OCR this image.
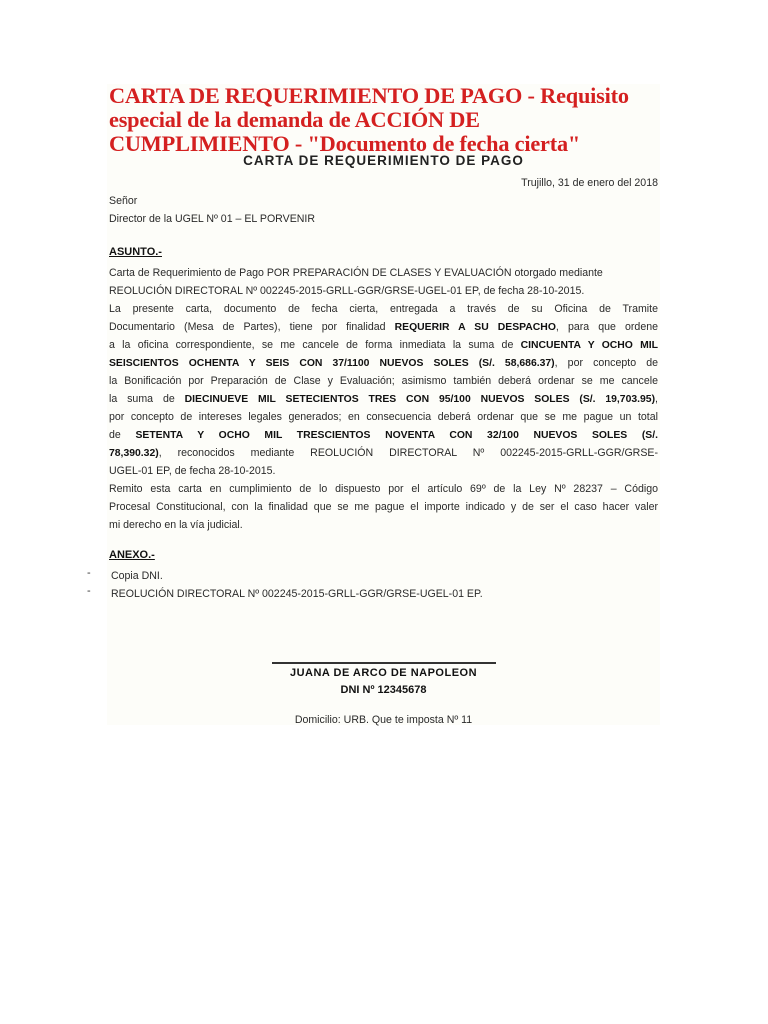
CARTA DE REQUERIMIENTO DE PAGO - Requisito especial de la demanda de ACCIÓN DE CUMPLIMIENTO - "Documento de fecha cierta"
CARTA DE REQUERIMIENTO DE PAGO
Trujillo, 31 de enero del 2018
Señor
Director de la UGEL Nº 01 – EL PORVENIR
ASUNTO.-
Carta de Requerimiento de Pago POR PREPARACIÓN DE CLASES Y EVALUACIÓN otorgado mediante
REOLUCIÓN DIRECTORAL Nº 002245-2015-GRLL-GGR/GRSE-UGEL-01 EP, de fecha 28-10-2015.
La presente carta, documento de fecha cierta, entregada a través de su Oficina de Tramite
Documentario (Mesa de Partes), tiene por finalidad REQUERIR A SU DESPACHO, para que ordene
a la oficina correspondiente, se me cancele de forma inmediata la suma de CINCUENTA Y OCHO MIL
SEISCIENTOS OCHENTA Y SEIS CON 37/1100 NUEVOS SOLES (S/. 58,686.37), por concepto de
la Bonificación por Preparación de Clase y Evaluación; asimismo también deberá ordenar se me cancele
la suma de DIECINUEVE MIL SETECIENTOS TRES CON 95/100 NUEVOS SOLES (S/. 19,703.95),
por concepto de intereses legales generados; en consecuencia deberá ordenar que se me pague un total
de SETENTA Y OCHO MIL TRESCIENTOS NOVENTA CON 32/100 NUEVOS SOLES (S/.
78,390.32), reconocidos mediante REOLUCIÓN DIRECTORAL Nº 002245-2015-GRLL-GGR/GRSE-
UGEL-01 EP, de fecha 28-10-2015.
Remito esta carta en cumplimiento de lo dispuesto por el artículo 69º de la Ley Nº 28237 – Código
Procesal Constitucional, con la finalidad que se me pague el importe indicado y de ser el caso hacer valer
mi derecho en la vía judicial.
ANEXO.-
- Copia DNI.
- REOLUCIÓN DIRECTORAL Nº 002245-2015-GRLL-GGR/GRSE-UGEL-01 EP.
JUANA DE ARCO DE NAPOLEON
DNI Nº 12345678
Domicilio: URB. Que te imposta Nº 11
